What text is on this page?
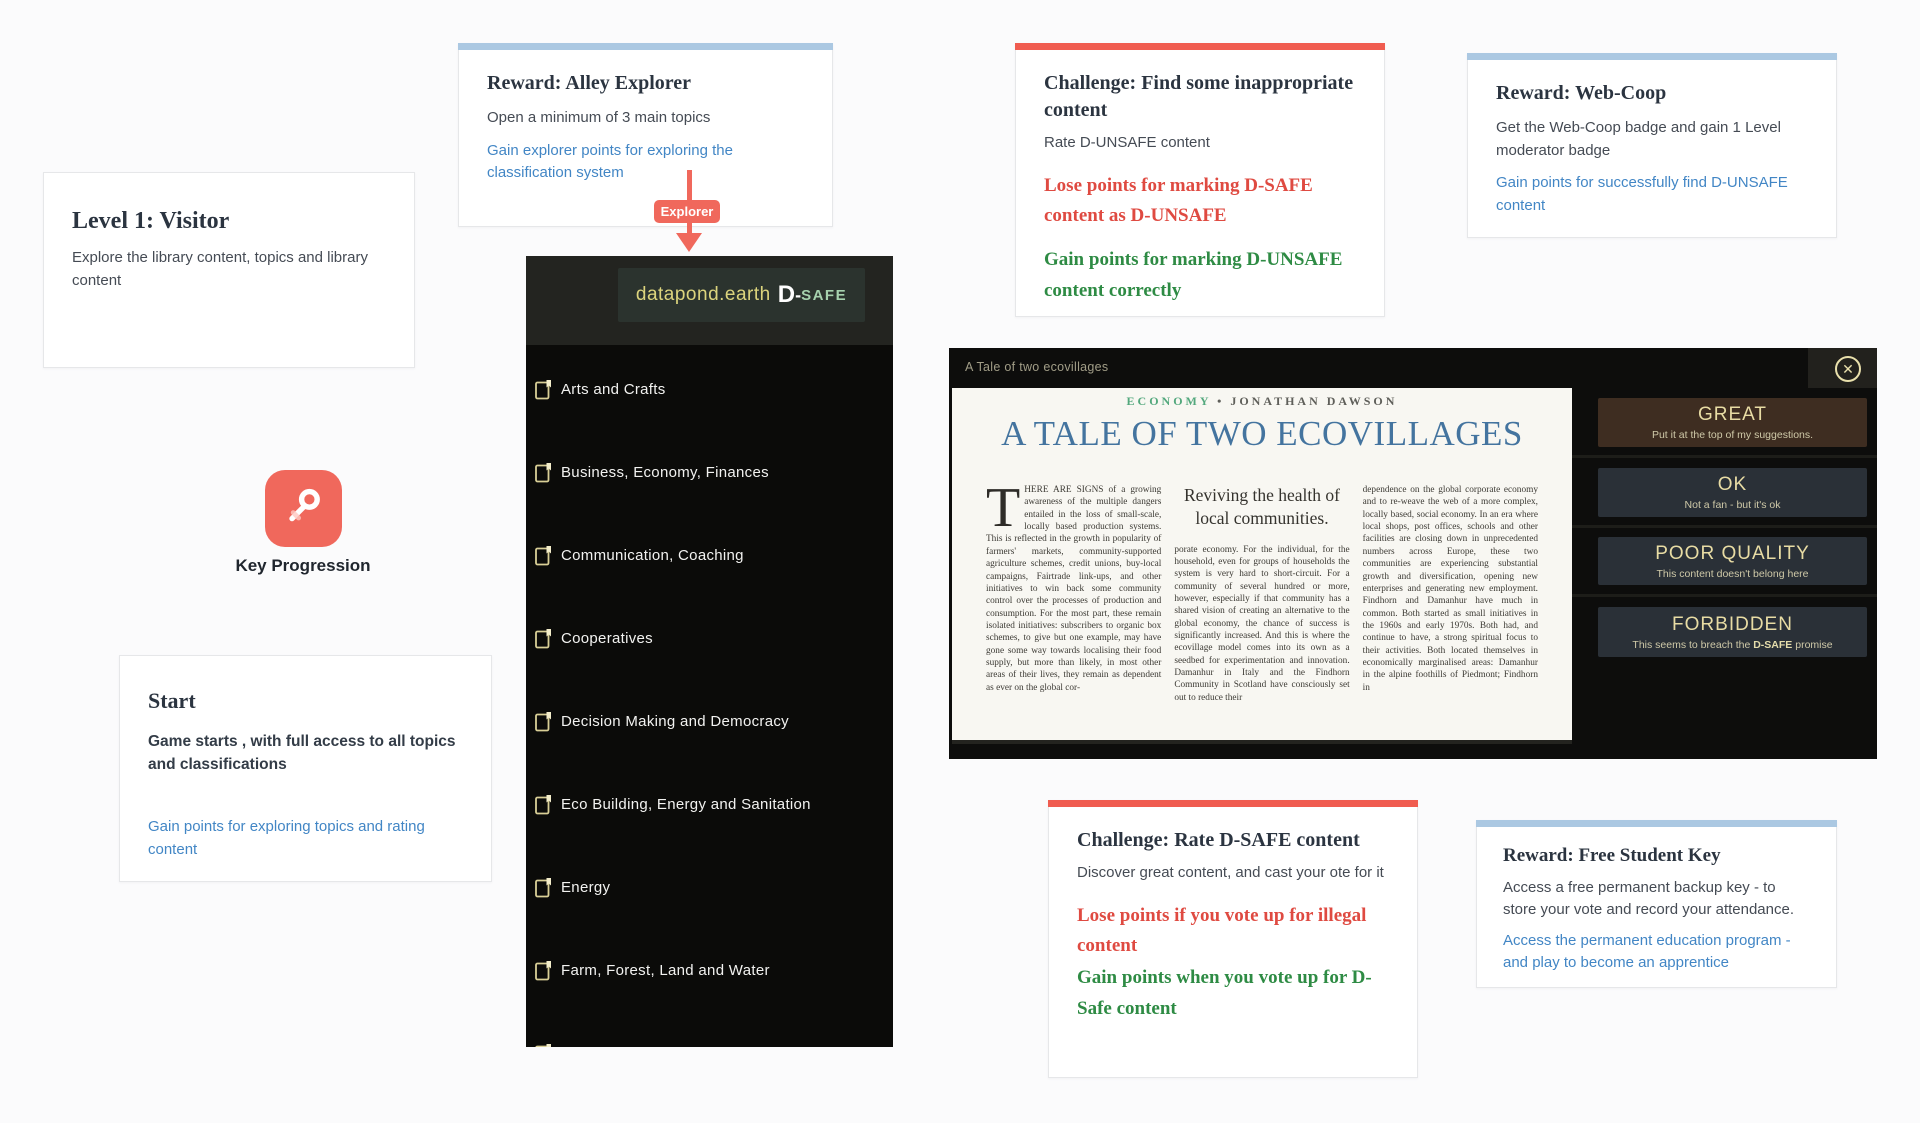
Level 1: Visitor
Explore the library content, topics and library content
Reward: Alley Explorer
Open a minimum of 3 main topics
Gain explorer points for exploring the classification system
Challenge: Find some inappropriate content
Rate D-UNSAFE content
Lose points for marking D-SAFE content as D-UNSAFE
Gain points for marking D-UNSAFE content correctly
Reward: Web-Coop
Get the Web-Coop badge and gain 1 Level moderator badge
Gain points for successfully find D-UNSAFE content
Key Progression
Start
Game starts , with full access to all topics and classifications
Gain points for exploring topics and rating content
Explorer
datapond.earth D - SAFE
Arts and Crafts
Business, Economy, Finances
Communication, Coaching
Cooperatives
Decision Making and Democracy
Eco Building, Energy and Sanitation
Energy
Farm, Forest, Land and Water
A Tale of two ecovillages	✕
ECONOMY • JONATHAN DAWSON
A TALE OF TWO ECOVILLAGES
THERE ARE SIGNS of a growing awareness of the multiple dangers entailed in the loss of small-scale, locally based production systems. This is reflected in the growth in popularity of farmers' markets, community-supported agriculture schemes, credit unions, buy-local campaigns, Fairtrade link-ups, and other initiatives to win back some community control over the processes of production and consumption. For the most part, these remain isolated initiatives: subscribers to organic box schemes, to give but one example, may have gone some way towards localising their food supply, but more than likely, in most other areas of their lives, they remain as dependent as ever on the global cor-
Reviving the health of local communities.
porate economy. For the individual, for the household, even for groups of households the system is very hard to short-circuit. For a community of several hundred or more, however, especially if that community has a shared vision of creating an alternative to the global economy, the chance of success is significantly increased. And this is where the ecovillage model comes into its own as a seedbed for experimentation and innovation. Damanhur in Italy and the Findhorn Community in Scotland have consciously set out to reduce their
dependence on the global corporate economy and to re-weave the web of a more complex, locally based, social economy. In an era where local shops, post offices, schools and other facilities are closing down in unprecedented numbers across Europe, these two communities are experiencing substantial growth and diversification, opening new enterprises and generating new employment. Findhorn and Damanhur have much in common. Both started as small initiatives in the 1960s and early 1970s. Both had, and continue to have, a strong spiritual focus to their activities. Both located themselves in economically marginalised areas: Damanhur in the alpine foothills of Piedmont; Findhorn in
GREAT
Put it at the top of my suggestions.
OK
Not a fan - but it's ok
POOR QUALITY
This content doesn't belong here
FORBIDDEN
This seems to breach the D-SAFE promise
Challenge: Rate D-SAFE content
Discover great content, and cast your ote for it
Lose points if you vote up for illegal content
Gain points when you vote up for D-Safe content
Reward: Free Student Key
Access a free permanent backup key - to store your vote and record your attendance.
Access the permanent education program - and play to become an apprentice
